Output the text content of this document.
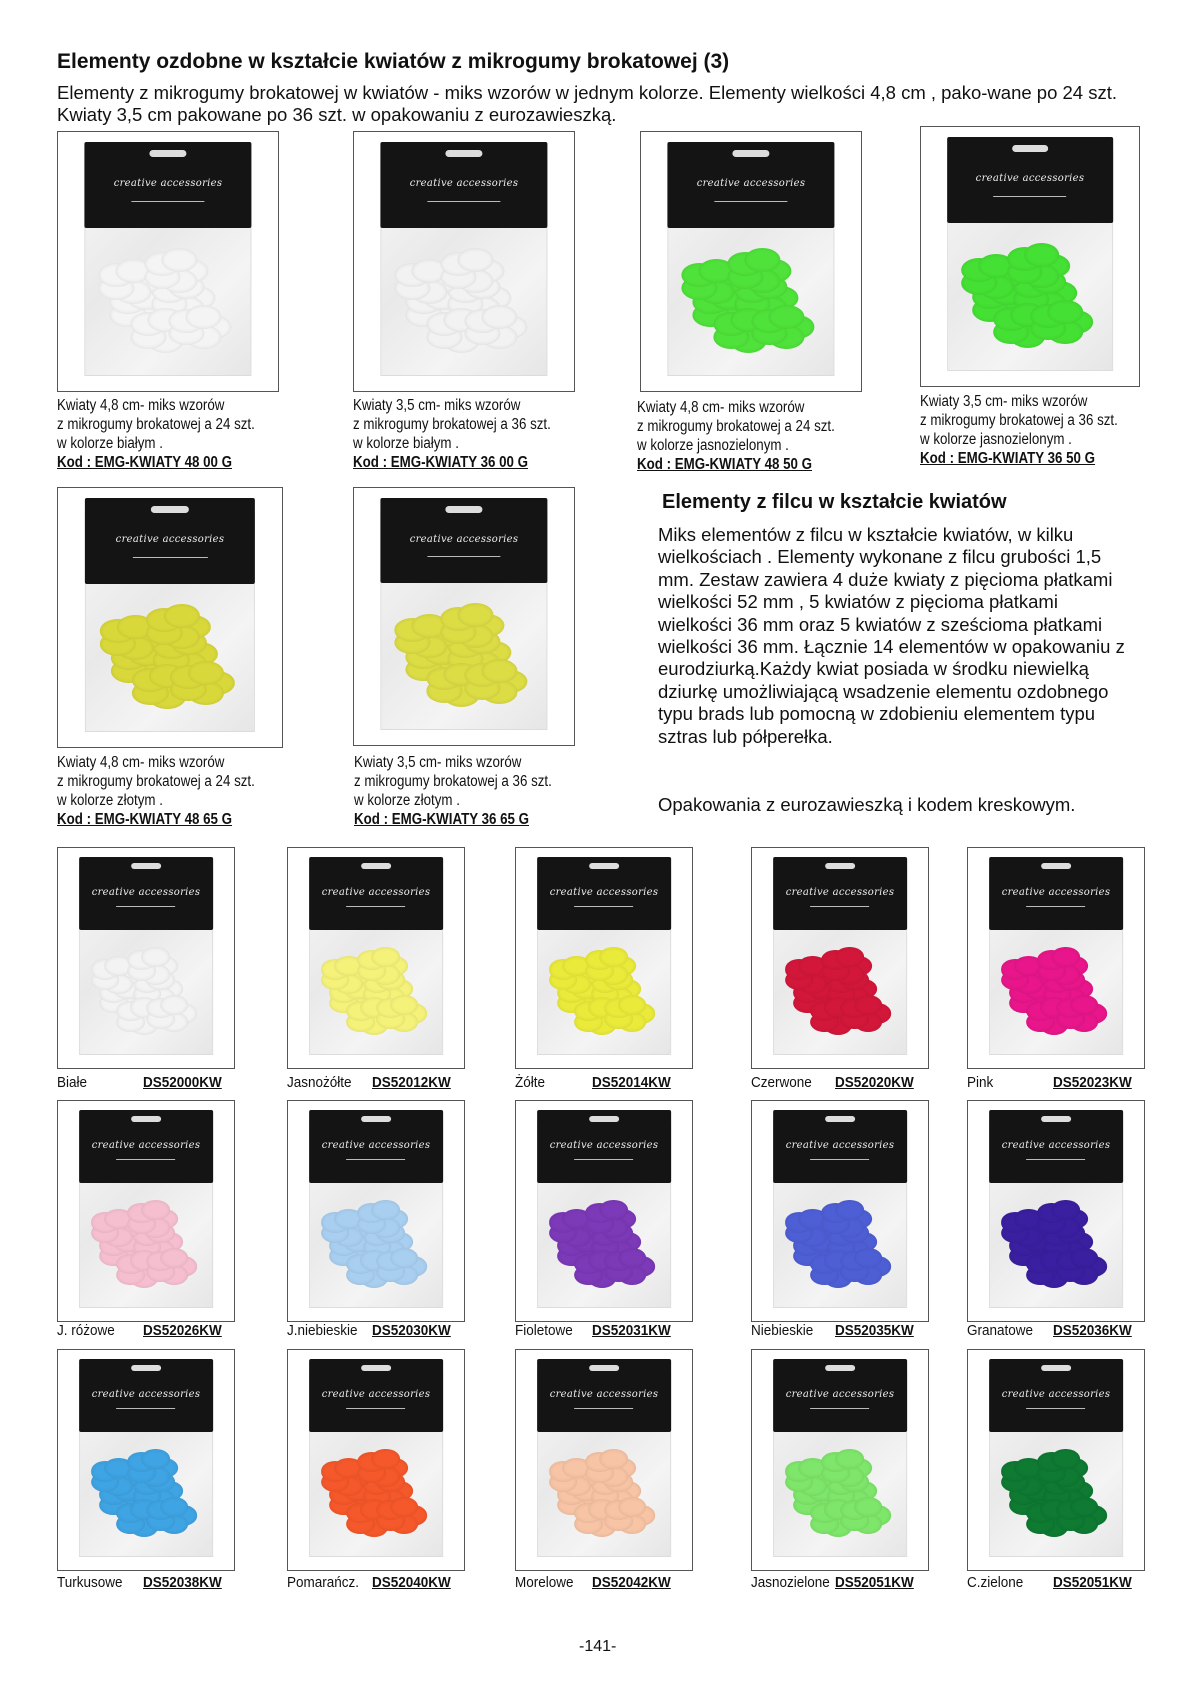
Elementy ozdobne w kształcie kwiatów z mikrogumy brokatowej (3)

Elementy z mikrogumy brokatowej w kwiatów - miks wzorów w jednym kolorze. Elementy wielkości 4,8 cm , pako-wane po 24 szt. Kwiaty 3,5 cm pakowane po 36 szt. w opakowaniu z eurozawieszką.

creative accessories
Kwiaty 4,8 cm- miks wzorów
z mikrogumy brokatowej a 24 szt.
w kolorze białym .
Kod : EMG-KWIATY 48 00 G
creative accessories
Kwiaty 3,5 cm- miks wzorów
z mikrogumy brokatowej a 36 szt.
w kolorze białym .
Kod : EMG-KWIATY 36 00 G
creative accessories
Kwiaty 4,8 cm- miks wzorów
z mikrogumy brokatowej a 24 szt.
w kolorze jasnozielonym .
Kod : EMG-KWIATY 48 50 G
creative accessories
Kwiaty 3,5 cm- miks wzorów
z mikrogumy brokatowej a 36 szt.
w kolorze jasnozielonym .
Kod : EMG-KWIATY 36 50 G
creative accessories
Kwiaty 4,8 cm- miks wzorów
z mikrogumy brokatowej a 24 szt.
w kolorze złotym .
Kod : EMG-KWIATY 48 65 G
creative accessories
Kwiaty 3,5 cm- miks wzorów
z mikrogumy brokatowej a 36 szt.
w kolorze złotym .
Kod : EMG-KWIATY 36 65 G
Elementy z filcu w kształcie kwiatów

Miks elementów z filcu w kształcie kwiatów, w kilku wielkościach . Elementy wykonane z filcu grubości 1,5 mm. Zestaw zawiera 4 duże kwiaty z pięcioma płatkami wielkości 52 mm , 5 kwiatów z pięcioma płatkami wielkości 36 mm oraz 5 kwiatów z sześcioma płatkami wielkości 36 mm. Łącznie 14 elementów w opakowaniu z eurodziurką.Każdy kwiat posiada w środku niewielką dziurkę umożliwiającą wsadzenie elementu ozdobnego typu brads lub pomocną w zdobieniu elementem typu sztras lub półperełka.

Opakowania z eurozawieszką i kodem kreskowym.

creative accessories
Białe	DS52000KW
creative accessories
Jasnożółte DS52012KW
creative accessories
Żółte	DS52014KW
creative accessories
Czerwone DS52020KW
creative accessories
Pink	DS52023KW
creative accessories
J. różowe DS52026KW
creative accessories
J.niebieskie DS52030KW
creative accessories
Fioletowe DS52031KW
creative accessories
Niebieskie DS52035KW
creative accessories
Granatowe DS52036KW
creative accessories
Turkusowe DS52038KW
creative accessories
Pomarańcz. DS52040KW
creative accessories
Morelowe DS52042KW
creative accessories
Jasnozielone DS52051KW
creative accessories
C.zielone DS52051KW
-141-
